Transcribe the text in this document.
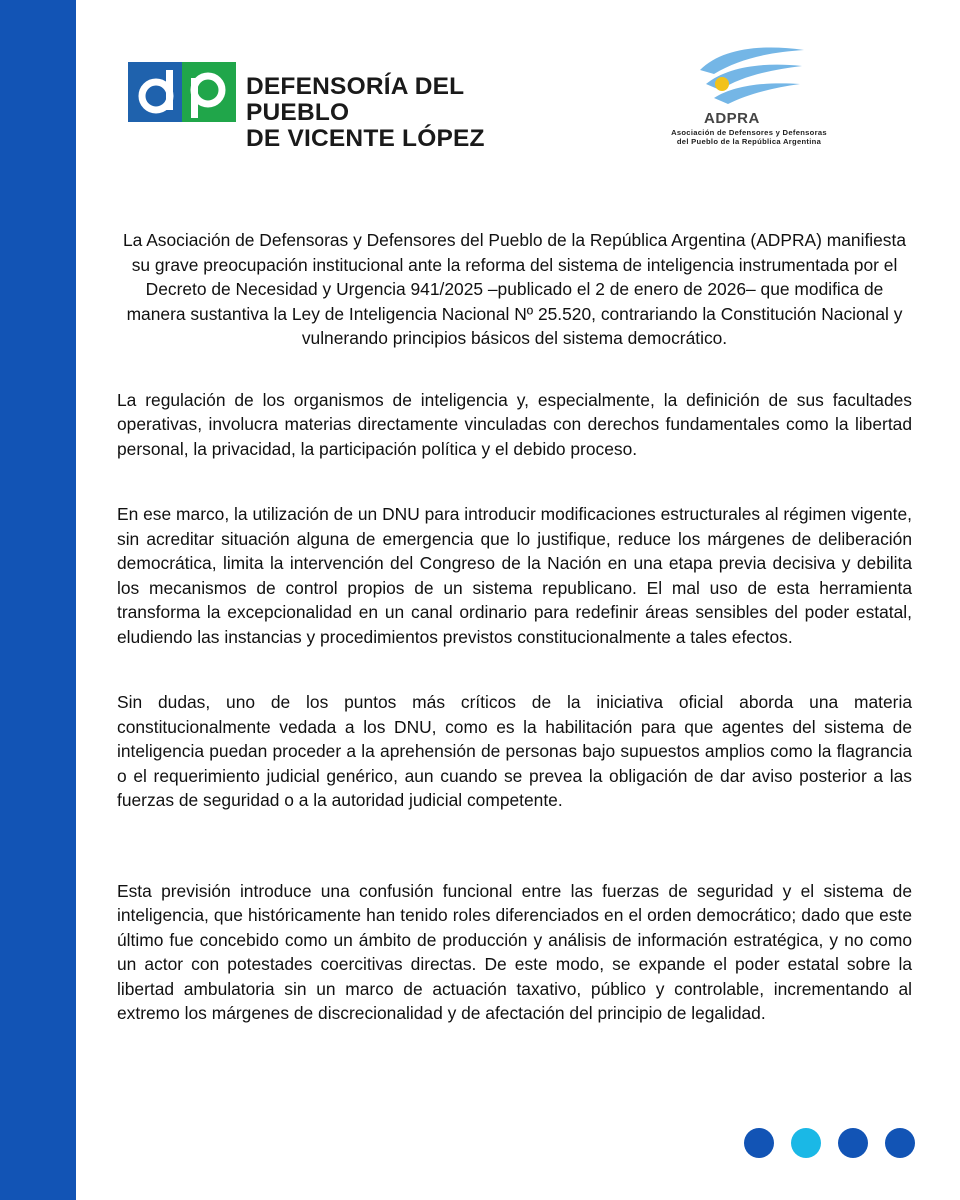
DEFENSORÍA DEL PUEBLO
DE VICENTE LÓPEZ
ADPRA
Asociación de Defensores y Defensoras
del Pueblo de la República Argentina

La Asociación de Defensoras y Defensores del Pueblo de la República Argentina (ADPRA) manifiesta su grave preocupación institucional ante la reforma del sistema de inteligencia instrumentada por el Decreto de Necesidad y Urgencia 941/2025 –publicado el 2 de enero de 2026– que modifica de manera sustantiva la Ley de Inteligencia Nacional Nº 25.520, contrariando la Constitución Nacional y vulnerando principios básicos del sistema democrático.

La regulación de los organismos de inteligencia y, especialmente, la definición de sus facultades operativas, involucra materias directamente vinculadas con derechos fundamentales como la libertad personal, la privacidad, la participación política y el debido proceso.

En ese marco, la utilización de un DNU para introducir modificaciones estructurales al régimen vigente, sin acreditar situación alguna de emergencia que lo justifique, reduce los márgenes de deliberación democrática, limita la intervención del Congreso de la Nación en una etapa previa decisiva y debilita los mecanismos de control propios de un sistema republicano. El mal uso de esta herramienta transforma la excepcionalidad en un canal ordinario para redefinir áreas sensibles del poder estatal, eludiendo las instancias y procedimientos previstos constitucionalmente a tales efectos.

Sin dudas, uno de los puntos más críticos de la iniciativa oficial aborda una materia constitucionalmente vedada a los DNU, como es la habilitación para que agentes del sistema de inteligencia puedan proceder a la aprehensión de personas bajo supuestos amplios como la flagrancia o el requerimiento judicial genérico, aun cuando se prevea la obligación de dar aviso posterior a las fuerzas de seguridad o a la autoridad judicial competente.

Esta previsión introduce una confusión funcional entre las fuerzas de seguridad y el sistema de inteligencia, que históricamente han tenido roles diferenciados en el orden democrático; dado que este último fue concebido como un ámbito de producción y análisis de información estratégica, y no como un actor con potestades coercitivas directas. De este modo, se expande el poder estatal sobre la libertad ambulatoria sin un marco de actuación taxativo, público y controlable, incrementando al extremo los márgenes de discrecionalidad y de afectación del principio de legalidad.
